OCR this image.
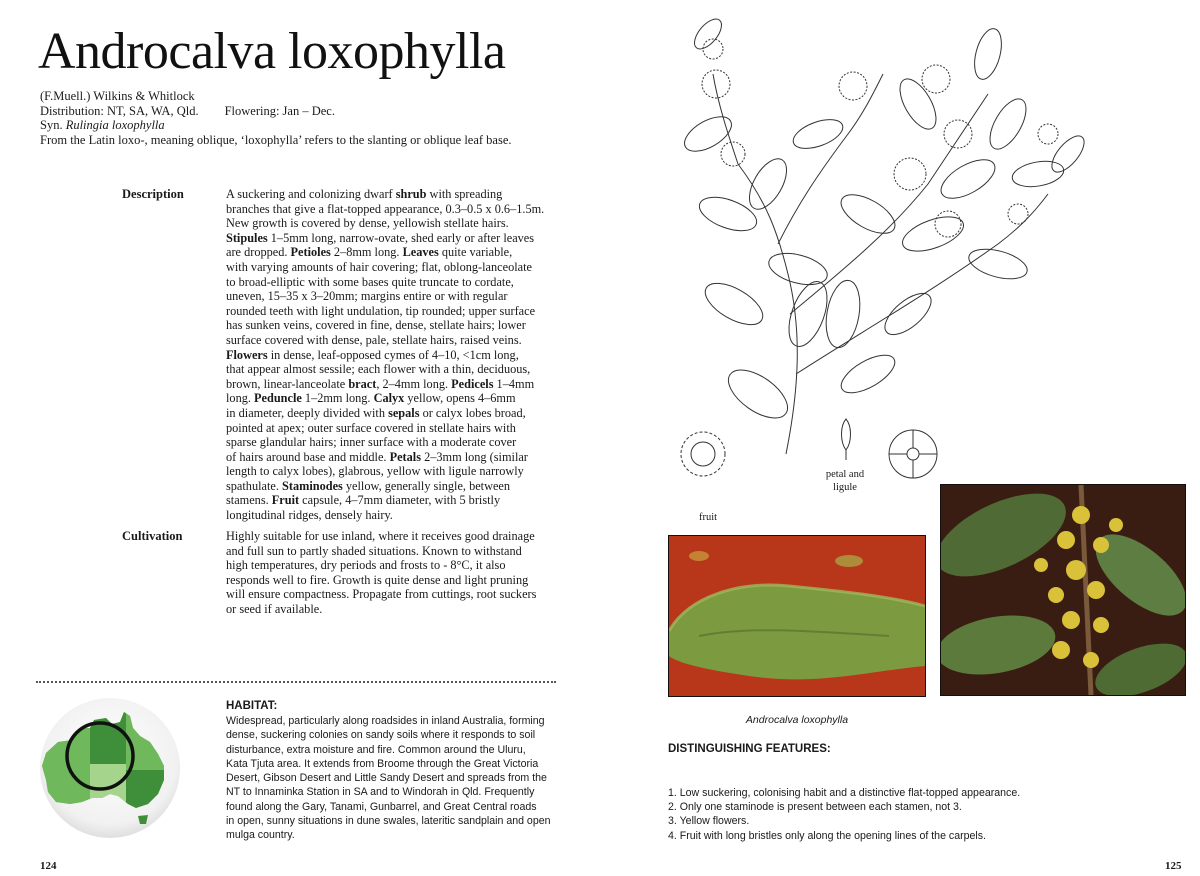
Androcalva loxophylla
(F.Muell.) Wilkins & Whitlock
Distribution: NT, SA, WA, Qld. Flowering: Jan – Dec.
Syn. Rulingia loxophylla
From the Latin loxo-, meaning oblique, ‘loxophylla’ refers to the slanting or oblique leaf base.
Description	A suckering and colonizing dwarf shrub with spreading
branches that give a flat-topped appearance, 0.3–0.5 x 0.6–1.5m.
New growth is covered by dense, yellowish stellate hairs.
Stipules 1–5mm long, narrow-ovate, shed early or after leaves
are dropped. Petioles 2–8mm long. Leaves quite variable,
with varying amounts of hair covering; flat, oblong-lanceolate
to broad-elliptic with some bases quite truncate to cordate,
uneven, 15–35 x 3–20mm; margins entire or with regular
rounded teeth with light undulation, tip rounded; upper surface
has sunken veins, covered in fine, dense, stellate hairs; lower
surface covered with dense, pale, stellate hairs, raised veins.
Flowers in dense, leaf-opposed cymes of 4–10, <1cm long,
that appear almost sessile; each flower with a thin, deciduous,
brown, linear-lanceolate bract, 2–4mm long. Pedicels 1–4mm
long. Peduncle 1–2mm long. Calyx yellow, opens 4–6mm
in diameter, deeply divided with sepals or calyx lobes broad,
pointed at apex; outer surface covered in stellate hairs with
sparse glandular hairs; inner surface with a moderate cover
of hairs around base and middle. Petals 2–3mm long (similar
length to calyx lobes), glabrous, yellow with ligule narrowly
spathulate. Staminodes yellow, generally single, between
stamens. Fruit capsule, 4–7mm diameter, with 5 bristly
longitudinal ridges, densely hairy.
Cultivation	Highly suitable for use inland, where it receives good drainage
and full sun to partly shaded situations. Known to withstand
high temperatures, dry periods and frosts to - 8°C, it also
responds well to fire. Growth is quite dense and light pruning
will ensure compactness. Propagate from cuttings, root suckers
or seed if available.
HABITAT:
Widespread, particularly along roadsides in inland Australia, forming
dense, suckering colonies on sandy soils where it responds to soil
disturbance, extra moisture and fire. Common around the Uluru,
Kata Tjuta area. It extends from Broome through the Great Victoria
Desert, Gibson Desert and Little Sandy Desert and spreads from the
NT to Innaminka Station in SA and to Windorah in Qld. Frequently
found along the Gary, Tanami, Gunbarrel, and Great Central roads
in open, sunny situations in dune swales, lateritic sandplain and open
mulga country.
124
fruit
petal and
ligule
Androcalva loxophylla
DISTINGUISHING FEATURES:
1. Low suckering, colonising habit and a distinctive flat-topped appearance.
2. Only one staminode is present between each stamen, not 3.
3. Yellow flowers.
4. Fruit with long bristles only along the opening lines of the carpels.
125
